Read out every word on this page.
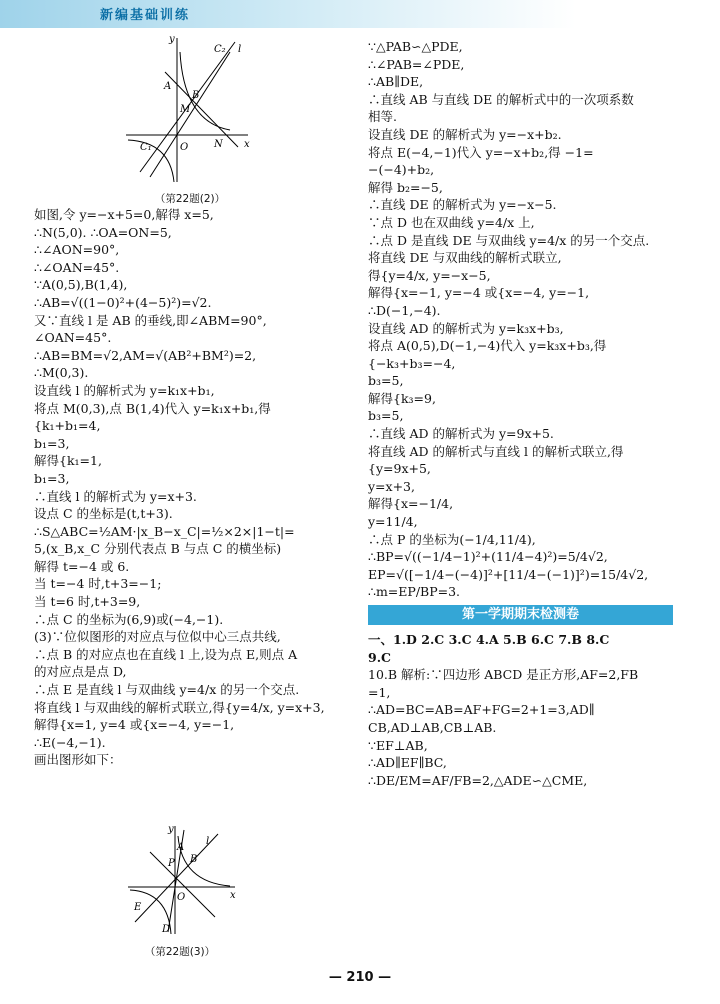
新编基础训练
y
C₂ l
A
B
M
O	N x
C₁
（第22题(2)）

如图,令 y=−x+5=0,解得 x=5,

∴N(5,0). ∴OA=ON=5,

∴∠AON=90°,

∴∠OAN=45°.

∵A(0,5),B(1,4),

∴AB=√((1−0)²+(4−5)²)=√2.

又∵直线 l 是 AB 的垂线,即∠ABM=90°,

∠OAN=45°.

∴AB=BM=√2,AM=√(AB²+BM²)=2,

∴M(0,3).

设直线 l 的解析式为 y=k₁x+b₁,

将点 M(0,3),点 B(1,4)代入 y=k₁x+b₁,得

{k₁+b₁=4,

b₁=3,

解得{k₁=1,

b₁=3,

∴直线 l 的解析式为 y=x+3.

设点 C 的坐标是(t,t+3).

∴S△ABC=½AM·|x_B−x_C|=½×2×|1−t|=

5,(x_B,x_C 分别代表点 B 与点 C 的横坐标)

解得 t=−4 或 6.

当 t=−4 时,t+3=−1;

当 t=6 时,t+3=9,

∴点 C 的坐标为(6,9)或(−4,−1).

(3)∵位似图形的对应点与位似中心三点共线,

∴点 B 的对应点也在直线 l 上,设为点 E,则点 A

的对应点是点 D,

∴点 E 是直线 l 与双曲线 y=4/x 的另一个交点.

将直线 l 与双曲线的解析式联立,得{y=4/x, y=x+3,

解得{x=1, y=4 或{x=−4, y=−1,

∴E(−4,−1).

画出图形如下：

∵△PAB∽△PDE,

∴∠PAB=∠PDE,

∴AB∥DE,

∴直线 AB 与直线 DE 的解析式中的一次项系数

相等.

设直线 DE 的解析式为 y=−x+b₂.

将点 E(−4,−1)代入 y=−x+b₂,得 −1=

−(−4)+b₂,

解得 b₂=−5,

∴直线 DE 的解析式为 y=−x−5.

∵点 D 也在双曲线 y=4/x 上,

∴点 D 是直线 DE 与双曲线 y=4/x 的另一个交点.

将直线 DE 与双曲线的解析式联立,

得{y=4/x, y=−x−5,

解得{x=−1, y=−4 或{x=−4, y=−1,

∴D(−1,−4).

设直线 AD 的解析式为 y=k₃x+b₃,

将点 A(0,5),D(−1,−4)代入 y=k₃x+b₃,得

{−k₃+b₃=−4,

b₃=5,

解得{k₃=9,

b₃=5,

∴直线 AD 的解析式为 y=9x+5.

将直线 AD 的解析式与直线 l 的解析式联立,得

{y=9x+5,

y=x+3,

解得{x=−1/4,

y=11/4,

∴点 P 的坐标为(−1/4,11/4),

∴BP=√((−1/4−1)²+(11/4−4)²)=5/4√2,

EP=√([−1/4−(−4)]²+[11/4−(−1)]²)=15/4√2,

∴m=EP/BP=3.

第一学期期末检测卷

一、1.D 2.C 3.C 4.A 5.B 6.C 7.B 8.C

9.C

10.B 解析:∵四边形 ABCD 是正方形,AF=2,FB

=1,

∴AD=BC=AB=AF+FG=2+1=3,AD∥

CB,AD⊥AB,CB⊥AB.

∵EF⊥AB,

∴AD∥EF∥BC,

∴DE/EM=AF/FB=2,△ADE∽△CME,

y
A
P B
l
O	x
E
D
（第22题(3)）
— 210 —
